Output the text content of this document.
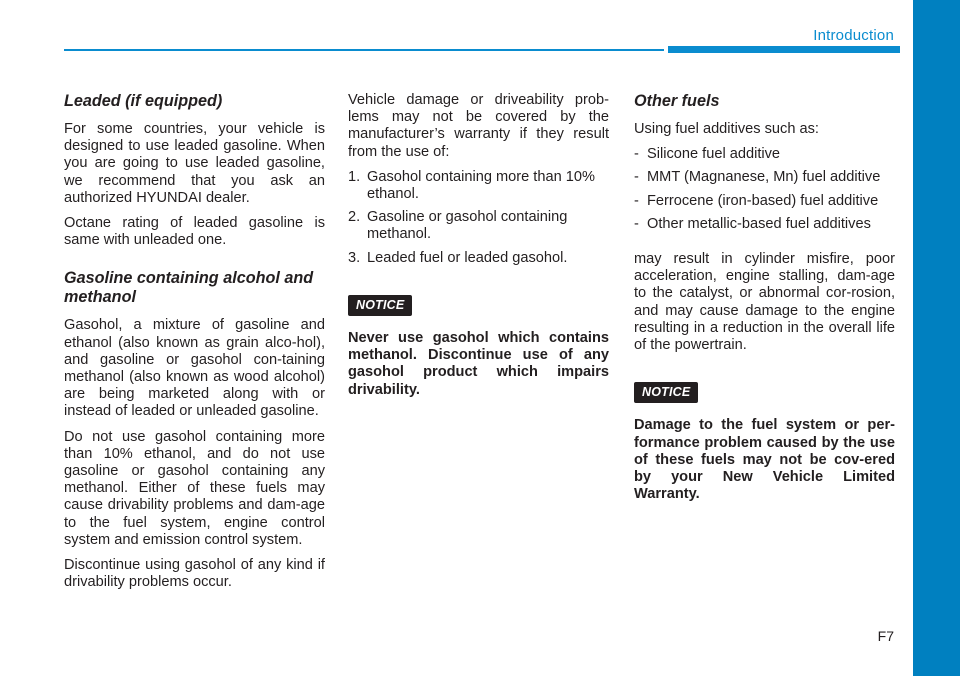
Introduction
Leaded (if equipped)

For some countries, your vehicle is designed to use leaded gasoline. When you are going to use leaded gasoline, we recommend that you ask an authorized HYUNDAI dealer.

Octane rating of leaded gasoline is same with unleaded one.

Gasoline containing alcohol and methanol

Gasohol, a mixture of gasoline and ethanol (also known as grain alco-hol), and gasoline or gasohol con-taining methanol (also known as wood alcohol) are being marketed along with or instead of leaded or unleaded gasoline.

Do not use gasohol containing more than 10% ethanol, and do not use gasoline or gasohol containing any methanol. Either of these fuels may cause drivability problems and dam-age to the fuel system, engine control system and emission control system.

Discontinue using gasohol of any kind if drivability problems occur.

Vehicle damage or driveability prob-lems may not be covered by the manufacturer’s warranty if they result from the use of:

1. Gasohol containing more than 10% ethanol.
2. Gasoline or gasohol containing methanol.
3. Leaded fuel or leaded gasohol.
NOTICE

Never use gasohol which contains methanol. Discontinue use of any gasohol product which impairs drivability.

Other fuels

Using fuel additives such as:

- Silicone fuel additive
- MMT (Magnanese, Mn) fuel additive
- Ferrocene (iron-based) fuel additive
- Other metallic-based fuel additives

may result in cylinder misfire, poor acceleration, engine stalling, dam-age to the catalyst, or abnormal cor-rosion, and may cause damage to the engine resulting in a reduction in the overall life of the powertrain.

NOTICE

Damage to the fuel system or per-formance problem caused by the use of these fuels may not be cov-ered by your New Vehicle Limited Warranty.

F7
